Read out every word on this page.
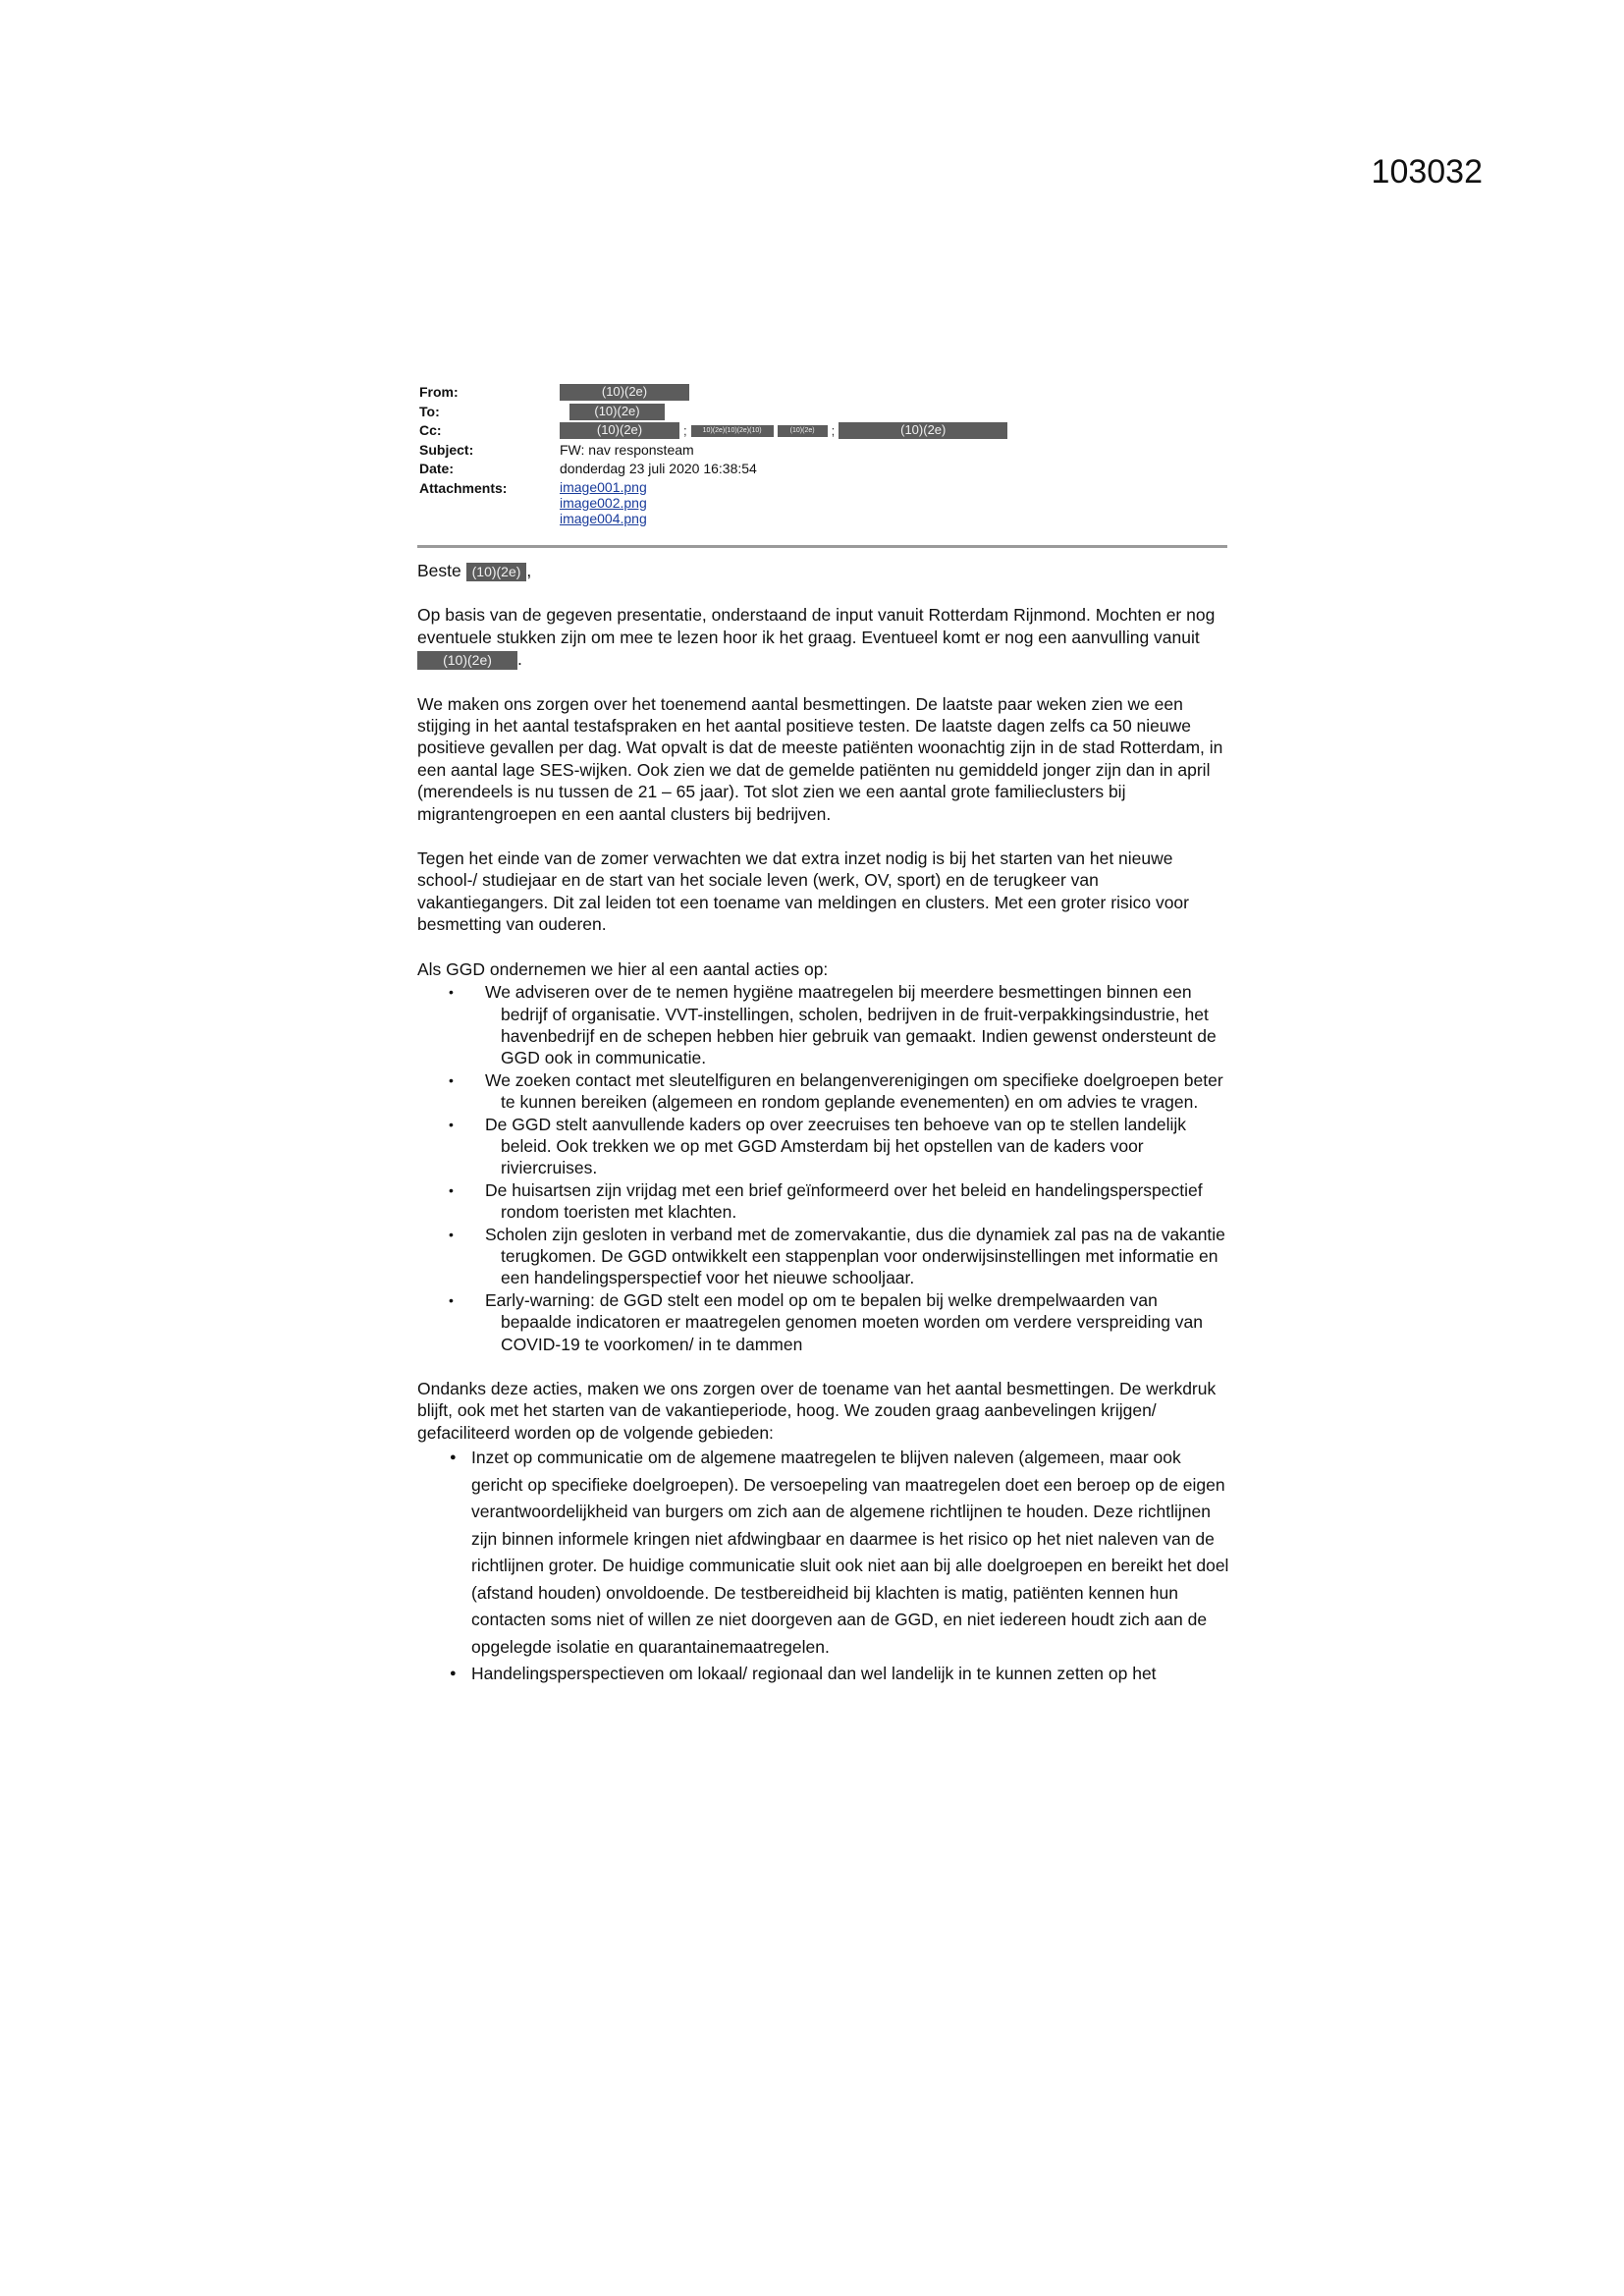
103032
From:	(10)(2e)
To:	(10)(2e)
Cc:	(10)(2e)	;	10)(2e)(10)(2e)(10)	(10)(2e)	;	(10)(2e)
Subject:	FW: nav responsteam
Date:	donderdag 23 juli 2020 16:38:54
Attachments:	image001.png
image002.png
image004.png

Beste (10)(2e) ,

Op basis van de gegeven presentatie, onderstaand de input vanuit Rotterdam Rijnmond. Mochten er nog eventuele stukken zijn om mee te lezen hoor ik het graag. Eventueel komt er nog een aanvulling vanuit (10)(2e) .

We maken ons zorgen over het toenemend aantal besmettingen. De laatste paar weken zien we een stijging in het aantal testafspraken en het aantal positieve testen. De laatste dagen zelfs ca 50 nieuwe positieve gevallen per dag. Wat opvalt is dat de meeste patiënten woonachtig zijn in de stad Rotterdam, in een aantal lage SES-wijken. Ook zien we dat de gemelde patiënten nu gemiddeld jonger zijn dan in april (merendeels is nu tussen de 21 – 65 jaar). Tot slot zien we een aantal grote familieclusters bij migrantengroepen en een aantal clusters bij bedrijven.

Tegen het einde van de zomer verwachten we dat extra inzet nodig is bij het starten van het nieuwe school-/ studiejaar en de start van het sociale leven (werk, OV, sport) en de terugkeer van vakantiegangers. Dit zal leiden tot een toename van meldingen en clusters. Met een groter risico voor besmetting van ouderen.

Als GGD ondernemen we hier al een aantal acties op:

• We adviseren over de te nemen hygiëne maatregelen bij meerdere besmettingen binnen een bedrijf of organisatie. VVT-instellingen, scholen, bedrijven in de fruit-verpakkingsindustrie, het havenbedrijf en de schepen hebben hier gebruik van gemaakt. Indien gewenst ondersteunt de GGD ook in communicatie.
• We zoeken contact met sleutelfiguren en belangenverenigingen om specifieke doelgroepen beter te kunnen bereiken (algemeen en rondom geplande evenementen) en om advies te vragen.
• De GGD stelt aanvullende kaders op over zeecruises ten behoeve van op te stellen landelijk beleid. Ook trekken we op met GGD Amsterdam bij het opstellen van de kaders voor riviercruises.
• De huisartsen zijn vrijdag met een brief geïnformeerd over het beleid en handelingsperspectief rondom toeristen met klachten.
• Scholen zijn gesloten in verband met de zomervakantie, dus die dynamiek zal pas na de vakantie terugkomen. De GGD ontwikkelt een stappenplan voor onderwijsinstellingen met informatie en een handelingsperspectief voor het nieuwe schooljaar.
• Early-warning: de GGD stelt een model op om te bepalen bij welke drempelwaarden van bepaalde indicatoren er maatregelen genomen moeten worden om verdere verspreiding van COVID-19 te voorkomen/ in te dammen

Ondanks deze acties, maken we ons zorgen over de toename van het aantal besmettingen. De werkdruk blijft, ook met het starten van de vakantieperiode, hoog. We zouden graag aanbevelingen krijgen/ gefaciliteerd worden op de volgende gebieden:

● Inzet op communicatie om de algemene maatregelen te blijven naleven (algemeen, maar ook gericht op specifieke doelgroepen). De versoepeling van maatregelen doet een beroep op de eigen verantwoordelijkheid van burgers om zich aan de algemene richtlijnen te houden. Deze richtlijnen zijn binnen informele kringen niet afdwingbaar en daarmee is het risico op het niet naleven van de richtlijnen groter. De huidige communicatie sluit ook niet aan bij alle doelgroepen en bereikt het doel (afstand houden) onvoldoende. De testbereidheid bij klachten is matig, patiënten kennen hun contacten soms niet of willen ze niet doorgeven aan de GGD, en niet iedereen houdt zich aan de opgelegde isolatie en quarantainemaatregelen.
● Handelingsperspectieven om lokaal/ regionaal dan wel landelijk in te kunnen zetten op het
